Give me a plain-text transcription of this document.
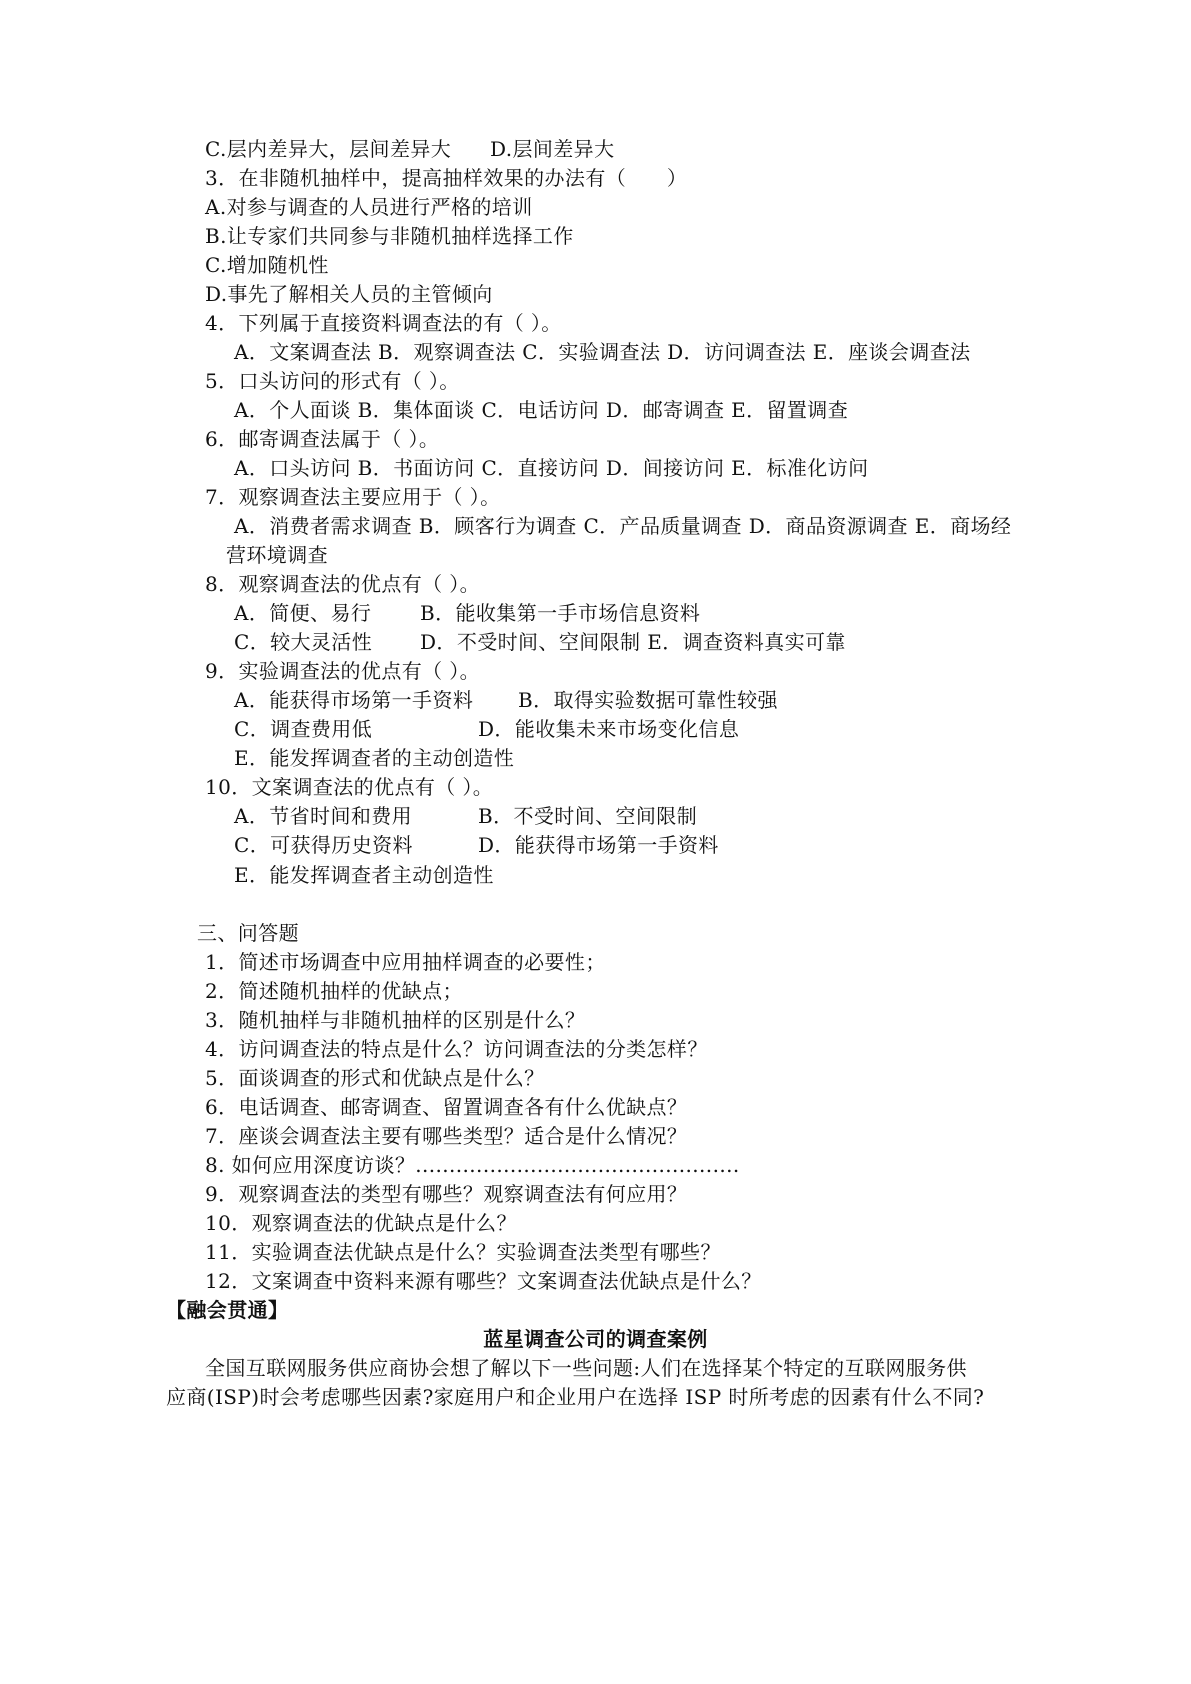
C.层内差异大，层间差异大 D.层间差异大
3．在非随机抽样中，提高抽样效果的办法有（　　）
A.对参与调查的人员进行严格的培训
B.让专家们共同参与非随机抽样选择工作
C.增加随机性
D.事先了解相关人员的主管倾向
4．下列属于直接资料调查法的有（ ）。
A．文案调查法 B．观察调查法 C．实验调查法 D．访问调查法 E．座谈会调查法
5．口头访问的形式有（ ）。
A．个人面谈 B．集体面谈 C．电话访问 D．邮寄调查 E．留置调查
6．邮寄调查法属于（ ）。
A．口头访问 B．书面访问 C．直接访问 D．间接访问 E．标准化访问
7．观察调查法主要应用于（ ）。
A．消费者需求调查 B．顾客行为调查 C．产品质量调查 D．商品资源调查 E．商场经
营环境调查
8．观察调查法的优点有（ ）。
A．简便、易行 B．能收集第一手市场信息资料
C．较大灵活性 D．不受时间、空间限制 E．调查资料真实可靠
9．实验调查法的优点有（ ）。
A．能获得市场第一手资料 B．取得实验数据可靠性较强
C．调查费用低	D．能收集未来市场变化信息
E．能发挥调查者的主动创造性
10．文案调查法的优点有（ ）。
A．节省时间和费用	B．不受时间、空间限制
C．可获得历史资料	D．能获得市场第一手资料
E．能发挥调查者主动创造性
三、问答题
1．简述市场调查中应用抽样调查的必要性；
2．简述随机抽样的优缺点；
3．随机抽样与非随机抽样的区别是什么？
4．访问调查法的特点是什么？访问调查法的分类怎样？
5．面谈调查的形式和优缺点是什么？
6．电话调查、邮寄调查、留置调查各有什么优缺点？
7．座谈会调查法主要有哪些类型？适合是什么情况？
8. 如何应用深度访谈？................................................
9．观察调查法的类型有哪些？观察调查法有何应用？
10．观察调查法的优缺点是什么？
11．实验调查法优缺点是什么？实验调查法类型有哪些？
12．文案调查中资料来源有哪些？文案调查法优缺点是什么？
【融会贯通】
蓝星调查公司的调查案例
全国互联网服务供应商协会想了解以下一些问题:人们在选择某个特定的互联网服务供
应商(ISP)时会考虑哪些因素?家庭用户和企业用户在选择 ISP 时所考虑的因素有什么不同?
